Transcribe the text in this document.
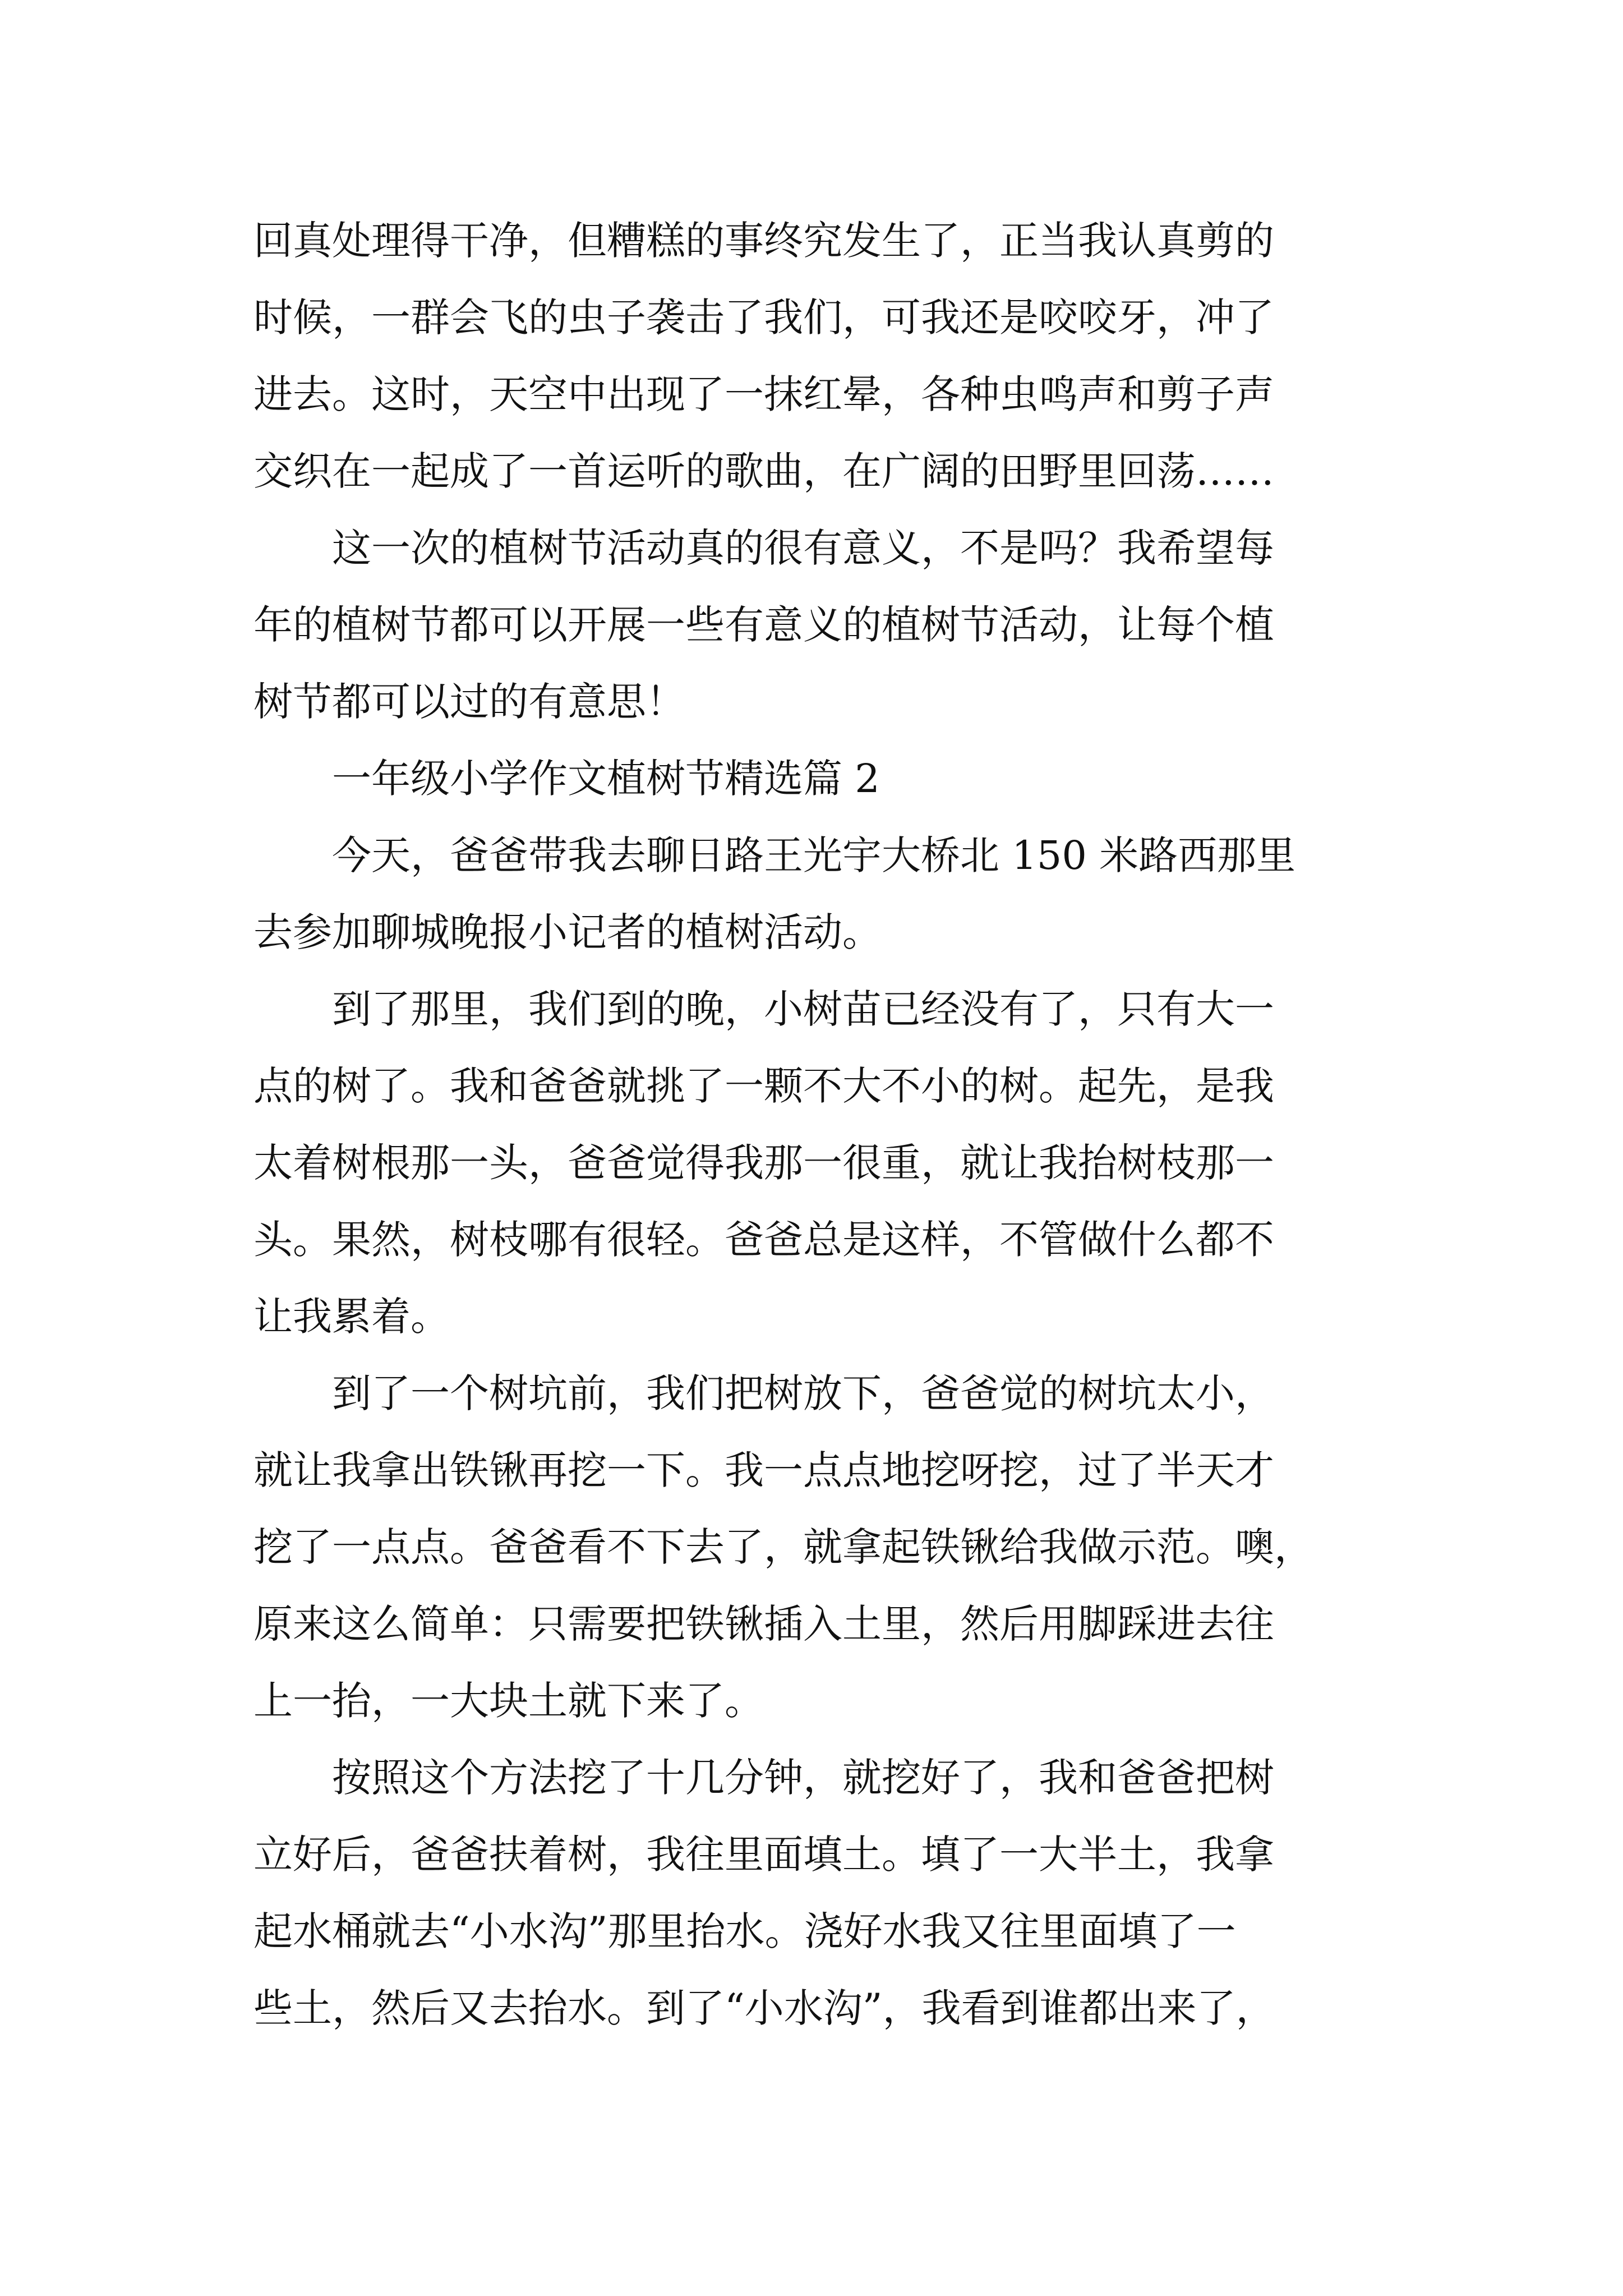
回真处理得干净，但糟糕的事终究发生了，正当我认真剪的
时候，一群会飞的虫子袭击了我们，可我还是咬咬牙，冲了
进去。这时，天空中出现了一抹红晕，各种虫鸣声和剪子声
交织在一起成了一首运听的歌曲，在广阔的田野里回荡……
这一次的植树节活动真的很有意义，不是吗？我希望每
年的植树节都可以开展一些有意义的植树节活动，让每个植
树节都可以过的有意思！
一年级小学作文植树节精选篇 2
今天，爸爸带我去聊日路王光宇大桥北 150 米路西那里
去参加聊城晚报小记者的植树活动。
到了那里，我们到的晚，小树苗已经没有了，只有大一
点的树了。我和爸爸就挑了一颗不大不小的树。起先，是我
太着树根那一头，爸爸觉得我那一很重，就让我抬树枝那一
头。果然，树枝哪有很轻。爸爸总是这样，不管做什么都不
让我累着。
到了一个树坑前，我们把树放下，爸爸觉的树坑太小，
就让我拿出铁锹再挖一下。我一点点地挖呀挖，过了半天才
挖了一点点。爸爸看不下去了，就拿起铁锹给我做示范。噢，
原来这么简单：只需要把铁锹插入土里，然后用脚踩进去往
上一抬，一大块土就下来了。
按照这个方法挖了十几分钟，就挖好了，我和爸爸把树
立好后，爸爸扶着树，我往里面填土。填了一大半土，我拿
起水桶就去“小水沟”那里抬水。浇好水我又往里面填了一
些土，然后又去抬水。到了“小水沟”，我看到谁都出来了，
